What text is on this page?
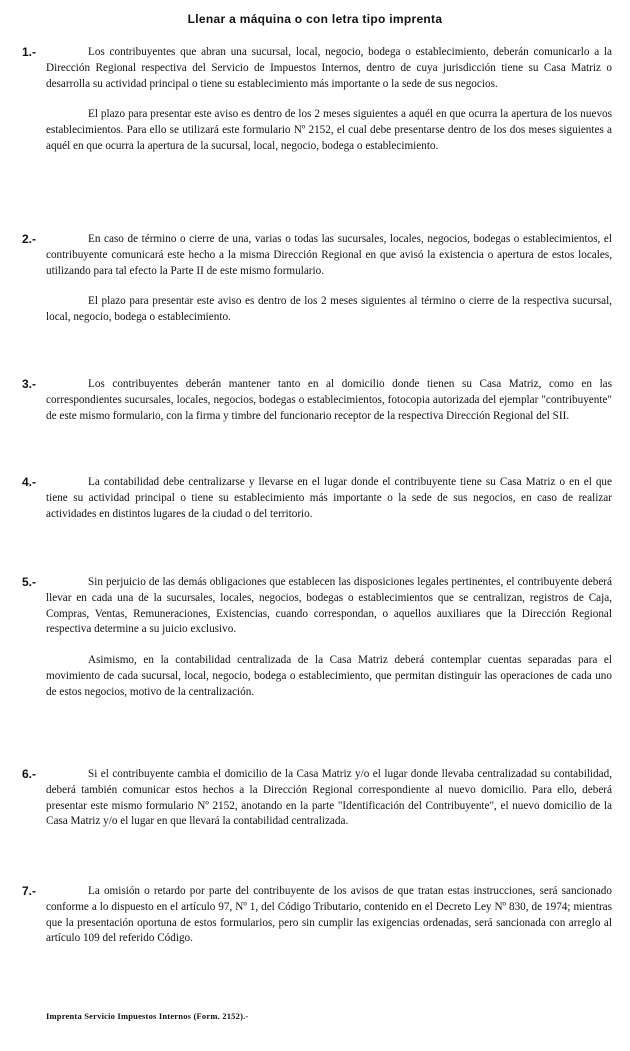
Llenar a máquina o con letra tipo imprenta
1.-	Los contribuyentes que abran una sucursal, local, negocio, bodega o establecimiento, deberán comunicarlo a la Dirección Regional respectiva del Servicio de Impuestos Internos, dentro de cuya jurisdicción tiene su Casa Matriz o desarrolla su actividad principal o tiene su establecimiento más importante o la sede de sus negocios.

El plazo para presentar este aviso es dentro de los 2 meses siguientes a aquél en que ocurra la apertura de los nuevos establecimientos. Para ello se utilizará este formulario Nº 2152, el cual debe presentarse dentro de los dos meses siguientes a aquél en que ocurra la apertura de la sucursal, local, negocio, bodega o establecimiento.

2.-	En caso de término o cierre de una, varias o todas las sucursales, locales, negocios, bodegas o establecimientos, el contribuyente comunicará este hecho a la misma Dirección Regional en que avisó la existencia o apertura de estos locales, utilizando para tal efecto la Parte II de este mismo formulario.

El plazo para presentar este aviso es dentro de los 2 meses siguientes al término o cierre de la respectiva sucursal, local, negocio, bodega o establecimiento.

3.-	Los contribuyentes deberán mantener tanto en al domicilio donde tienen su Casa Matriz, como en las correspondientes sucursales, locales, negocios, bodegas o establecimientos, fotocopia autorizada del ejemplar "contribuyente" de este mismo formulario, con la firma y timbre del funcionario receptor de la respectiva Dirección Regional del SII.

4.-	La contabilidad debe centralizarse y llevarse en el lugar donde el contribuyente tiene su Casa Matriz o en el que tiene su actividad principal o tiene su establecimiento más importante o la sede de sus negocios, en caso de realizar actividades en distintos lugares de la ciudad o del territorio.

5.-	Sin perjuicio de las demás obligaciones que establecen las disposiciones legales pertinentes, el contribuyente deberá llevar en cada una de la sucursales, locales, negocios, bodegas o establecimientos que se centralizan, registros de Caja, Compras, Ventas, Remuneraciones, Existencias, cuando correspondan, o aquellos auxiliares que la Dirección Regional respectiva determine a su juicio exclusivo.

Asimismo, en la contabilidad centralizada de la Casa Matriz deberá contemplar cuentas separadas para el movimiento de cada sucursal, local, negocio, bodega o establecimiento, que permitan distinguir las operaciones de cada uno de estos negocios, motivo de la centralización.

6.-	Si el contribuyente cambia el domicilio de la Casa Matriz y/o el lugar donde llevaba centralizadad su contabilidad, deberá también comunicar estos hechos a la Dirección Regional correspondiente al nuevo domicilio. Para ello, deberá presentar este mismo formulario Nº 2152, anotando en la parte "Identificación del Contribuyente", el nuevo domicilio de la Casa Matriz y/o el lugar en que llevará la contabilidad centralizada.

7.-	La omisión o retardo por parte del contribuyente de los avisos de que tratan estas instrucciones, será sancionado conforme a lo dispuesto en el artículo 97, Nº 1, del Código Tributario, contenido en el Decreto Ley Nº 830, de 1974; mientras que la presentación oportuna de estos formularios, pero sin cumplir las exigencias ordenadas, será sancionada con arreglo al artículo 109 del referido Código.

Imprenta Servicio Impuestos Internos (Form. 2152).-
